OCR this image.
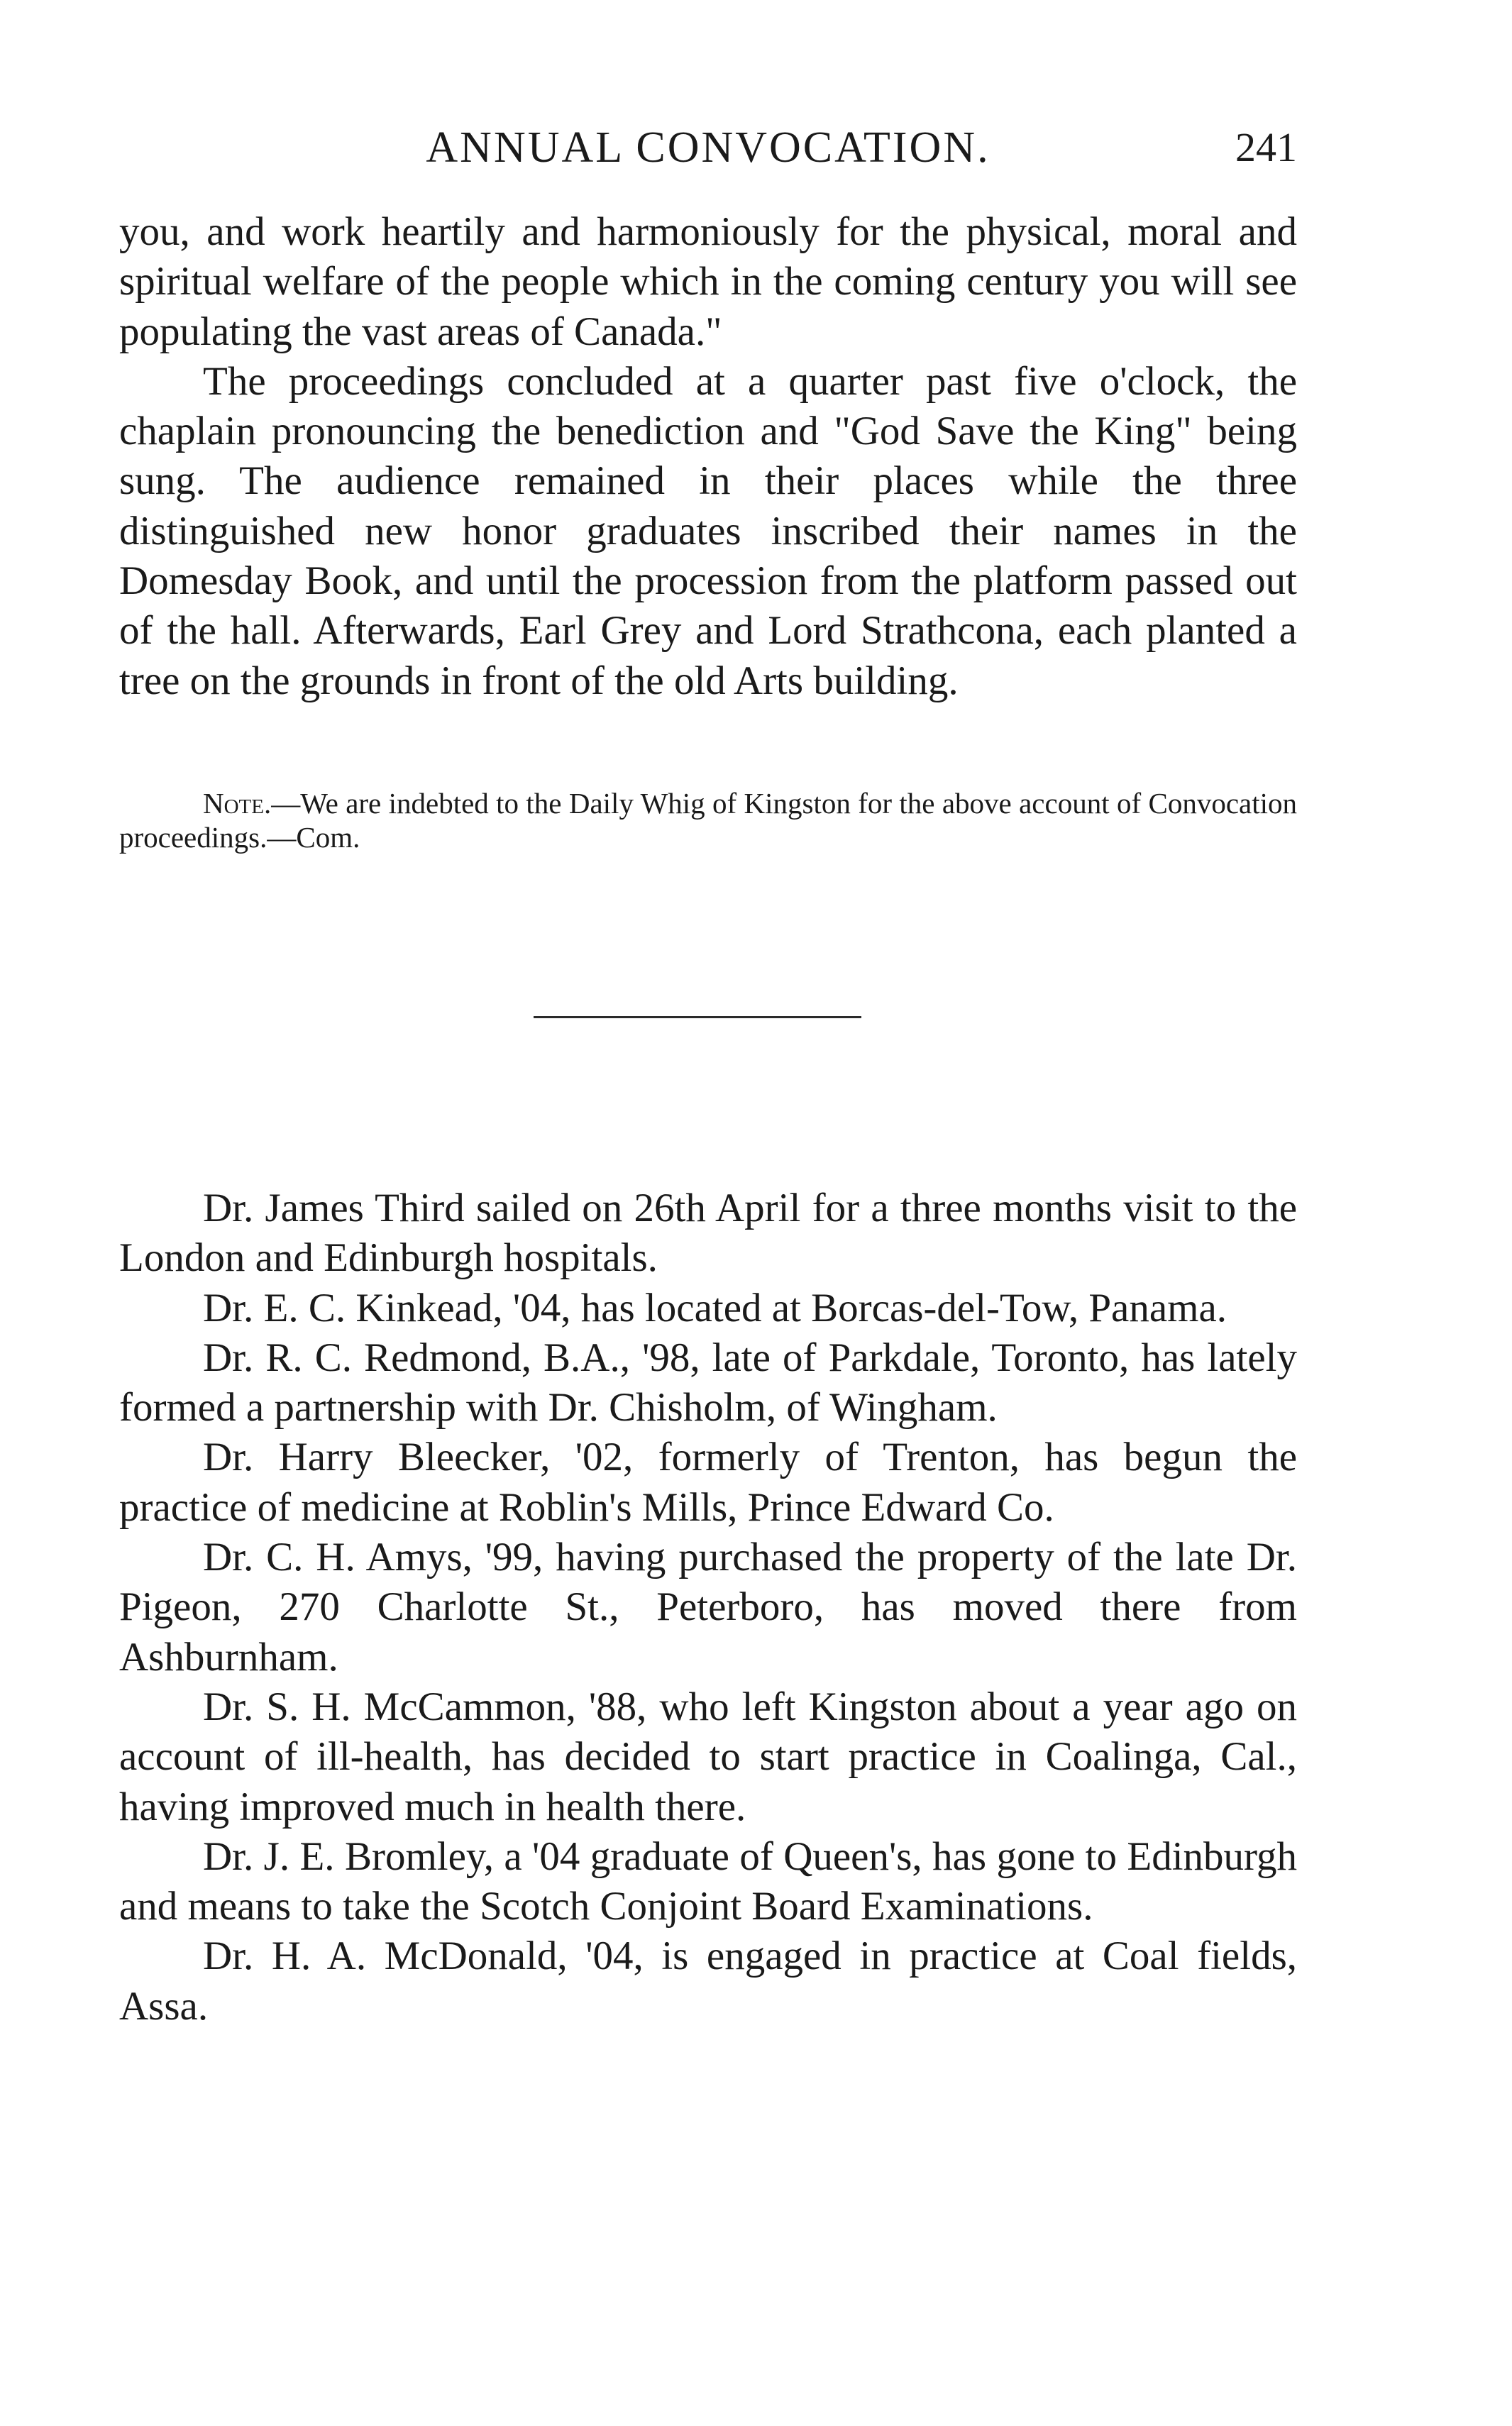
ANNUAL CONVOCATION.	241

you, and work heartily and harmoniously for the physical, moral and spiritual welfare of the people which in the coming century you will see populating the vast areas of Canada."

The proceedings concluded at a quarter past five o'clock, the chaplain pronouncing the benediction and "God Save the King" being sung. The audience remained in their places while the three distinguished new honor graduates inscribed their names in the Domesday Book, and until the procession from the platform passed out of the hall. Afterwards, Earl Grey and Lord Strathcona, each planted a tree on the grounds in front of the old Arts building.

Note.—We are indebted to the Daily Whig of Kingston for the above account of Convocation proceedings.—Com.

Dr. James Third sailed on 26th April for a three months visit to the London and Edinburgh hospitals.

Dr. E. C. Kinkead, '04, has located at Borcas-del-Tow, Panama.

Dr. R. C. Redmond, B.A., '98, late of Parkdale, Toronto, has lately formed a partnership with Dr. Chisholm, of Wingham.

Dr. Harry Bleecker, '02, formerly of Trenton, has begun the practice of medicine at Roblin's Mills, Prince Edward Co.

Dr. C. H. Amys, '99, having purchased the property of the late Dr. Pigeon, 270 Charlotte St., Peterboro, has moved there from Ashburnham.

Dr. S. H. McCammon, '88, who left Kingston about a year ago on account of ill-health, has decided to start practice in Coalinga, Cal., having improved much in health there.

Dr. J. E. Bromley, a '04 graduate of Queen's, has gone to Edinburgh and means to take the Scotch Conjoint Board Examinations.

Dr. H. A. McDonald, '04, is engaged in practice at Coal fields, Assa.
